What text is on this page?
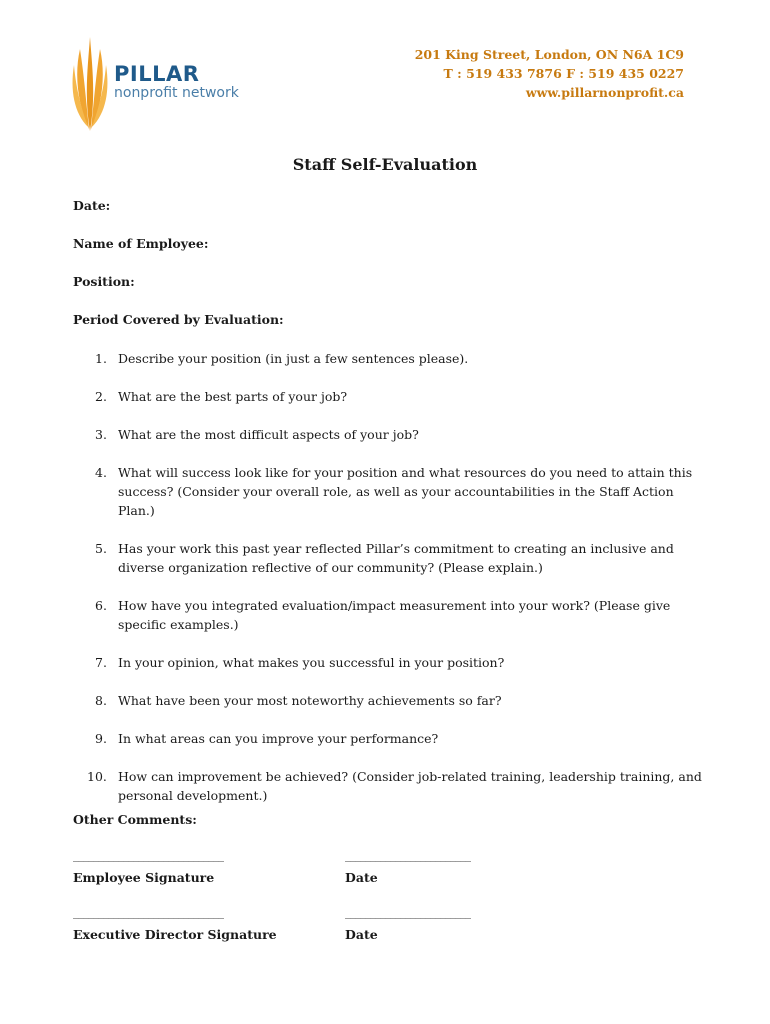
PILLAR
nonprofit network
201 King Street, London, ON N6A 1C9
T : 519 433 7876 F : 519 435 0227
www.pillarnonprofit.ca
Staff Self-Evaluation
Date:
Name of Employee:
Position:
Period Covered by Evaluation:
1. Describe your position (in just a few sentences please).
2. What are the best parts of your job?
3. What are the most difficult aspects of your job?
4. What will success look like for your position and what resources do you need to attain this success? (Consider your overall role, as well as your accountabilities in the Staff Action Plan.)
5. Has your work this past year reflected Pillar’s commitment to creating an inclusive and diverse organization reflective of our community? (Please explain.)
6. How have you integrated evaluation/impact measurement into your work? (Please give specific examples.)
7. In your opinion, what makes you successful in your position?
8. What have been your most noteworthy achievements so far?
9. In what areas can you improve your performance?
10. How can improvement be achieved? (Consider job-related training, leadership training, and personal development.)
Other Comments:
______________________________	_________________________
Employee Signature	Date
______________________________	_________________________
Executive Director Signature	Date
